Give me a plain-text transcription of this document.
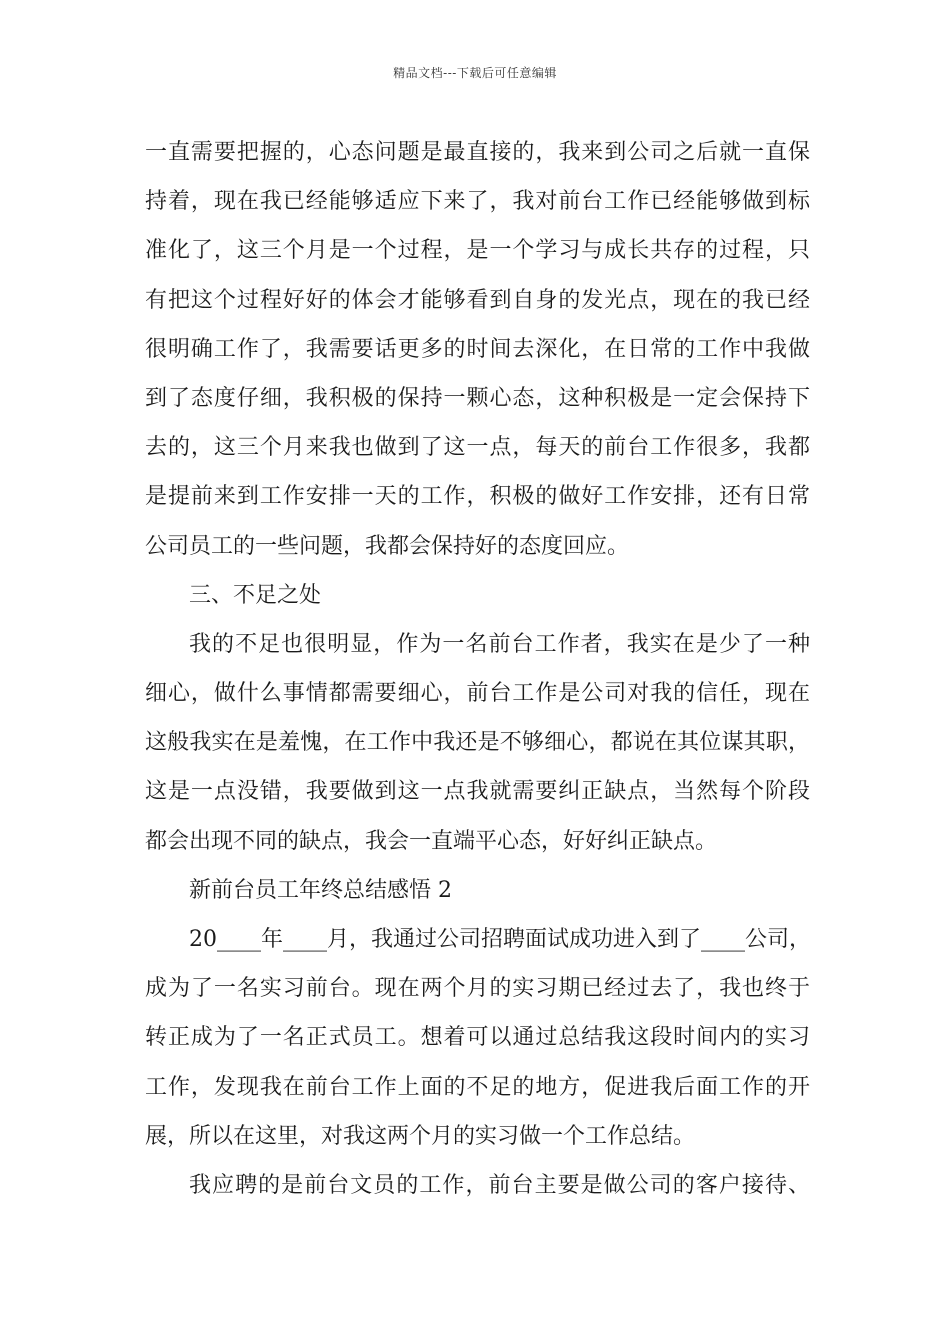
精品文档---下载后可任意编辑
一直需要把握的，心态问题是最直接的，我来到公司之后就一直保
持着，现在我已经能够适应下来了，我对前台工作已经能够做到标
准化了，这三个月是一个过程，是一个学习与成长共存的过程，只
有把这个过程好好的体会才能够看到自身的发光点，现在的我已经
很明确工作了，我需要话更多的时间去深化，在日常的工作中我做
到了态度仔细，我积极的保持一颗心态，这种积极是一定会保持下
去的，这三个月来我也做到了这一点，每天的前台工作很多，我都
是提前来到工作安排一天的工作，积极的做好工作安排，还有日常
公司员工的一些问题，我都会保持好的态度回应。
三、不足之处
我的不足也很明显，作为一名前台工作者，我实在是少了一种
细心，做什么事情都需要细心，前台工作是公司对我的信任，现在
这般我实在是羞愧，在工作中我还是不够细心，都说在其位谋其职，
这是一点没错，我要做到这一点我就需要纠正缺点，当然每个阶段
都会出现不同的缺点，我会一直端平心态，好好纠正缺点。
新前台员工年终总结感悟 2
20____年____月，我通过公司招聘面试成功进入到了____公司，
成为了一名实习前台。现在两个月的实习期已经过去了，我也终于
转正成为了一名正式员工。想着可以通过总结我这段时间内的实习
工作，发现我在前台工作上面的不足的地方，促进我后面工作的开
展，所以在这里，对我这两个月的实习做一个工作总结。
我应聘的是前台文员的工作，前台主要是做公司的客户接待、
